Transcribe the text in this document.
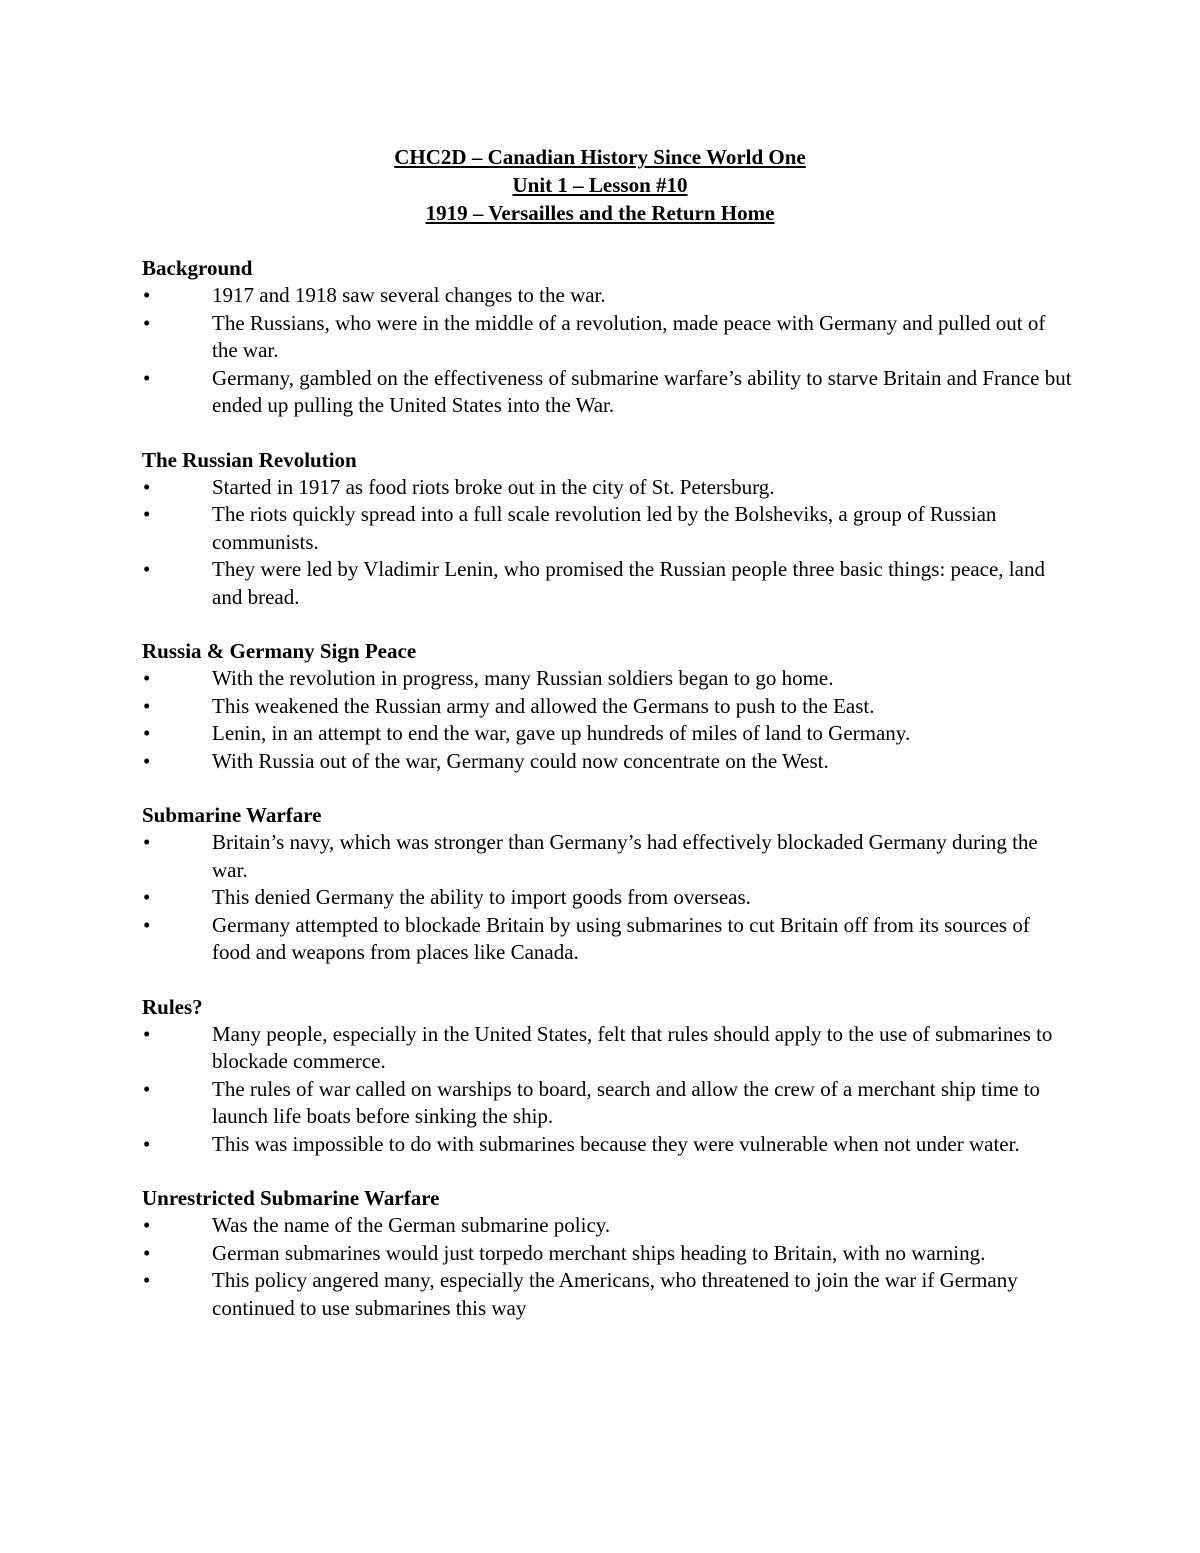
CHC2D – Canadian History Since World One

Unit 1 – Lesson #10

1919 – Versailles and the Return Home

Background

•	1917 and 1918 saw several changes to the war.
•	The Russians, who were in the middle of a revolution, made peace with Germany and pulled out of the war.
•	Germany, gambled on the effectiveness of submarine warfare’s ability to starve Britain and France but ended up pulling the United States into the War.

The Russian Revolution

•	Started in 1917 as food riots broke out in the city of St. Petersburg.
•	The riots quickly spread into a full scale revolution led by the Bolsheviks, a group of Russian communists.
•	They were led by Vladimir Lenin, who promised the Russian people three basic things: peace, land and bread.

Russia & Germany Sign Peace

•	With the revolution in progress, many Russian soldiers began to go home.
•	This weakened the Russian army and allowed the Germans to push to the East.
•	Lenin, in an attempt to end the war, gave up hundreds of miles of land to Germany.
•	With Russia out of the war, Germany could now concentrate on the West.

Submarine Warfare

•	Britain’s navy, which was stronger than Germany’s had effectively blockaded Germany during the war.
•	This denied Germany the ability to import goods from overseas.
•	Germany attempted to blockade Britain by using submarines to cut Britain off from its sources of food and weapons from places like Canada.

Rules?

•	Many people, especially in the United States, felt that rules should apply to the use of submarines to blockade commerce.
•	The rules of war called on warships to board, search and allow the crew of a merchant ship time to launch life boats before sinking the ship.
•	This was impossible to do with submarines because they were vulnerable when not under water.

Unrestricted Submarine Warfare

•	Was the name of the German submarine policy.
•	German submarines would just torpedo merchant ships heading to Britain, with no warning.
•	This policy angered many, especially the Americans, who threatened to join the war if Germany continued to use submarines this way
